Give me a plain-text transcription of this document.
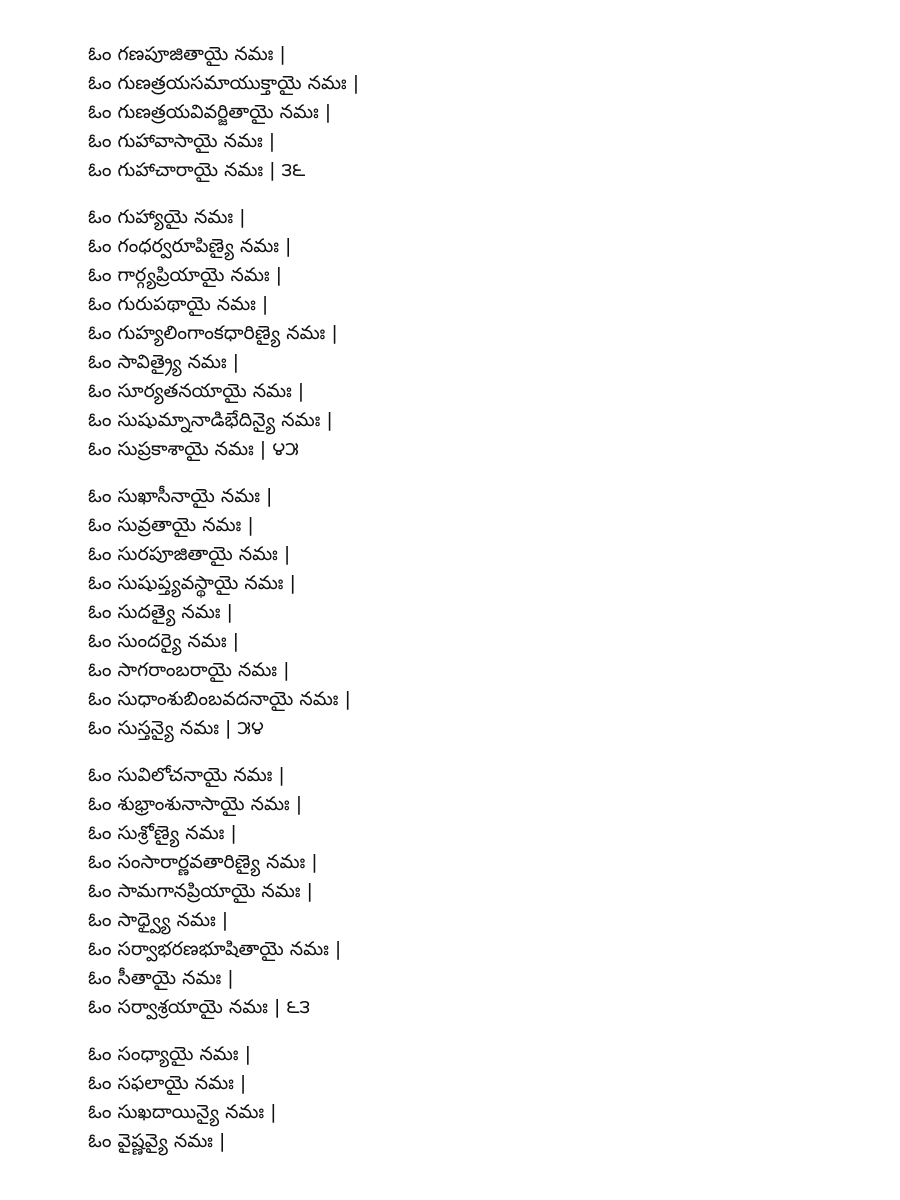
ఓం గణపూజితాయై నమః |
ఓం గుణత్రయసమాయుక్తాయై నమః |
ఓం గుణత్రయవివర్జితాయై నమః |
ఓం గుహావాసాయై నమః |
ఓం గుహాచారాయై నమః | ౩౬
ఓం గుహ్యాయై నమః |
ఓం గంధర్వరూపిణ్యై నమః |
ఓం గార్గ్యప్రియాయై నమః |
ఓం గురుపథాయై నమః |
ఓం గుహ్యలింగాంకధారిణ్యై నమః |
ఓం సావిత్ర్యై నమః |
ఓం సూర్యతనయాయై నమః |
ఓం సుషుమ్నానాడిభేదిన్యై నమః |
ఓం సుప్రకాశాయై నమః | ౪౫
ఓం సుఖాసీనాయై నమః |
ఓం సువ్రతాయై నమః |
ఓం సురపూజితాయై నమః |
ఓం సుషుప్త్యవస్థాయై నమః |
ఓం సుదత్యై నమః |
ఓం సుందర్యై నమః |
ఓం సాగరాంబరాయై నమః |
ఓం సుధాంశుబింబవదనాయై నమః |
ఓం సుస్తన్యై నమః | ౫౪
ఓం సువిలోచనాయై నమః |
ఓం శుభ్రాంశునాసాయై నమః |
ఓం సుశ్రోణ్యై నమః |
ఓం సంసారార్ణవతారిణ్యై నమః |
ఓం సామగానప్రియాయై నమః |
ఓం సాధ్వ్యై నమః |
ఓం సర్వాభరణభూషితాయై నమః |
ఓం సీతాయై నమః |
ఓం సర్వాశ్రయాయై నమః | ౬౩
ఓం సంధ్యాయై నమః |
ఓం సఫలాయై నమః |
ఓం సుఖదాయిన్యై నమః |
ఓం వైష్ణవ్యై నమః |
